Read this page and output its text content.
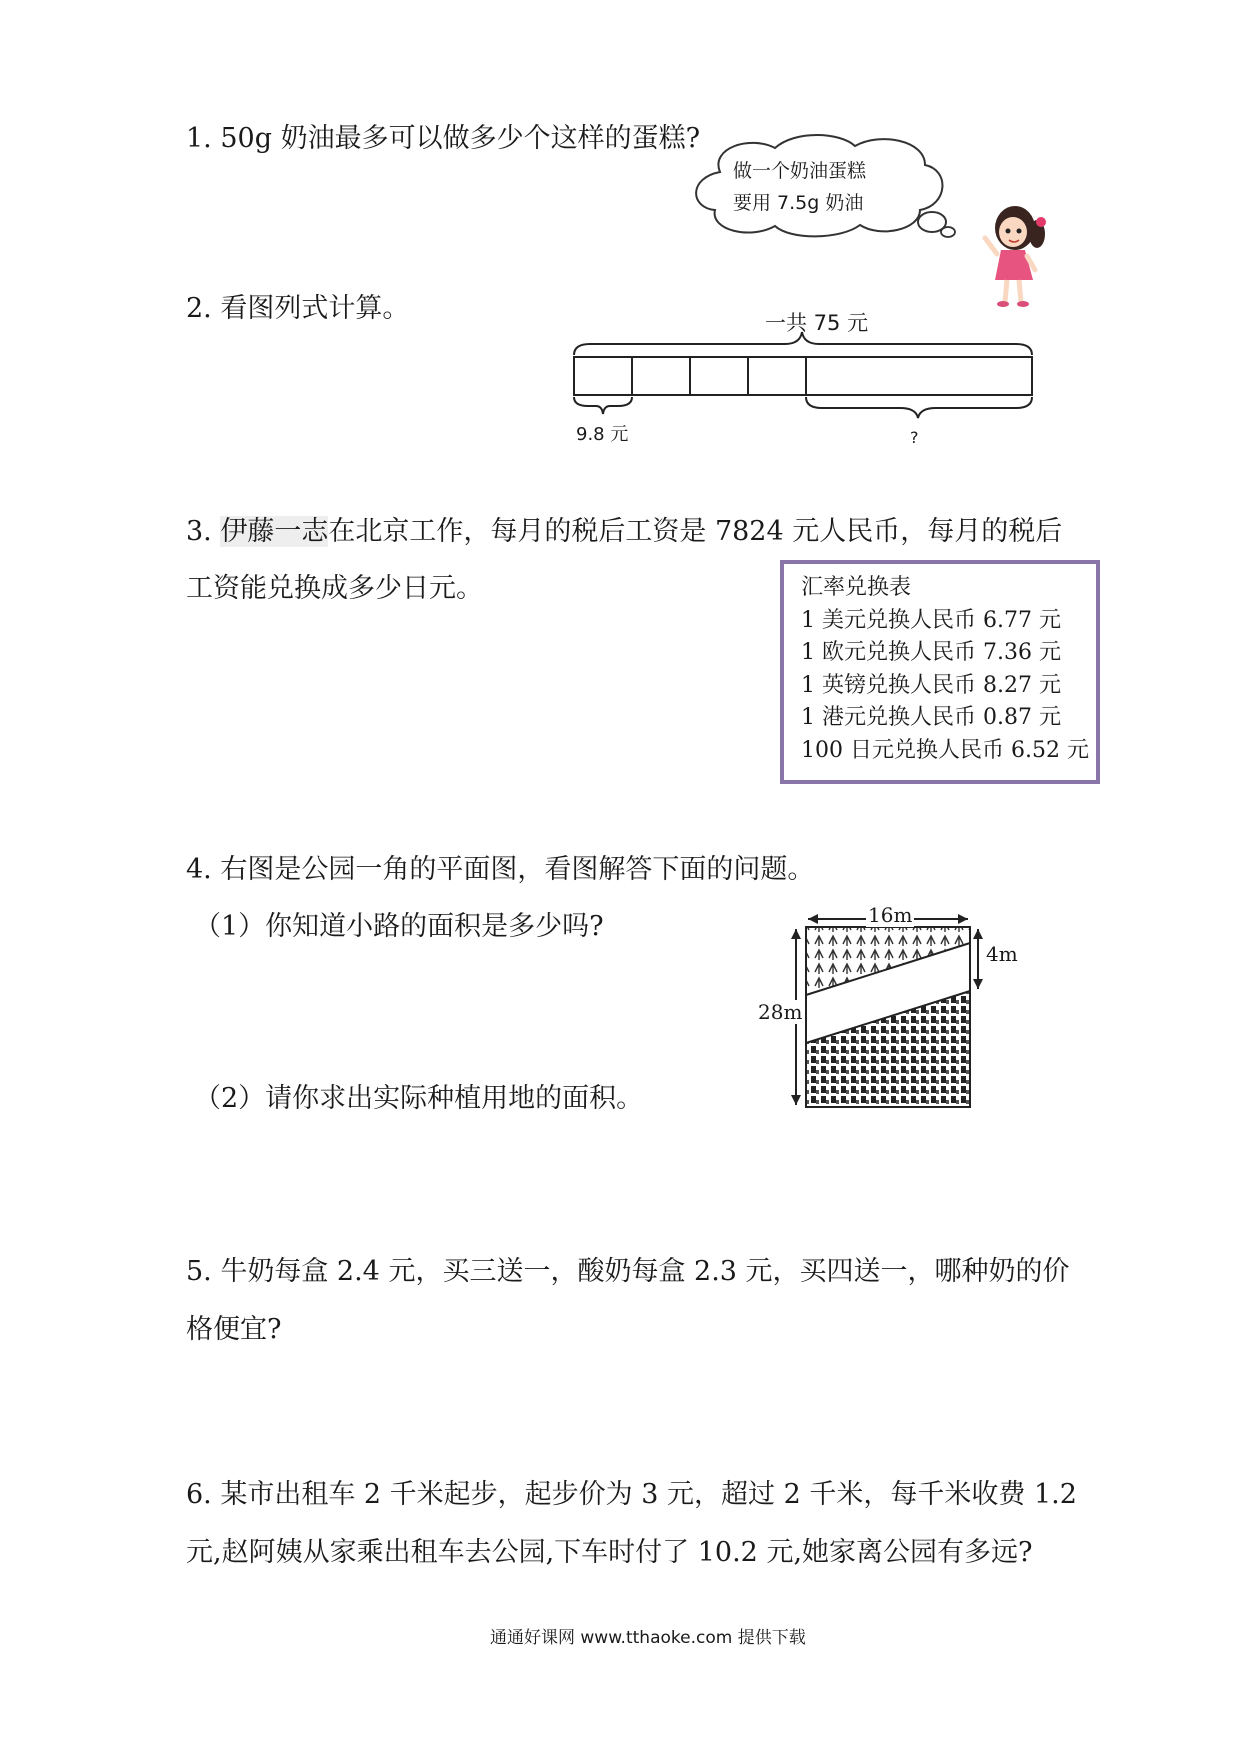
1. 50g 奶油最多可以做多少个这样的蛋糕?
做一个奶油蛋糕
要用 7.5g 奶油
2. 看图列式计算。	一共 75 元
9.8 元	?
3. 伊藤一志在北京工作，每月的税后工资是 7824 元人民币，每月的税后
工资能兑换成多少日元。	汇率兑换表
1 美元兑换人民币 6.77 元
1 欧元兑换人民币 7.36 元
1 英镑兑换人民币 8.27 元
1 港元兑换人民币 0.87 元
100 日元兑换人民币 6.52 元
4. 右图是公园一角的平面图，看图解答下面的问题。
（1）你知道小路的面积是多少吗?
（2）请你求出实际种植用地的面积。
16m
4m
28m
5. 牛奶每盒 2.4 元，买三送一，酸奶每盒 2.3 元，买四送一，哪种奶的价
格便宜?
6. 某市出租车 2 千米起步，起步价为 3 元，超过 2 千米，每千米收费 1.2
元,赵阿姨从家乘出租车去公园,下车时付了 10.2 元,她家离公园有多远?
通通好课网 www.tthaoke.com 提供下载
